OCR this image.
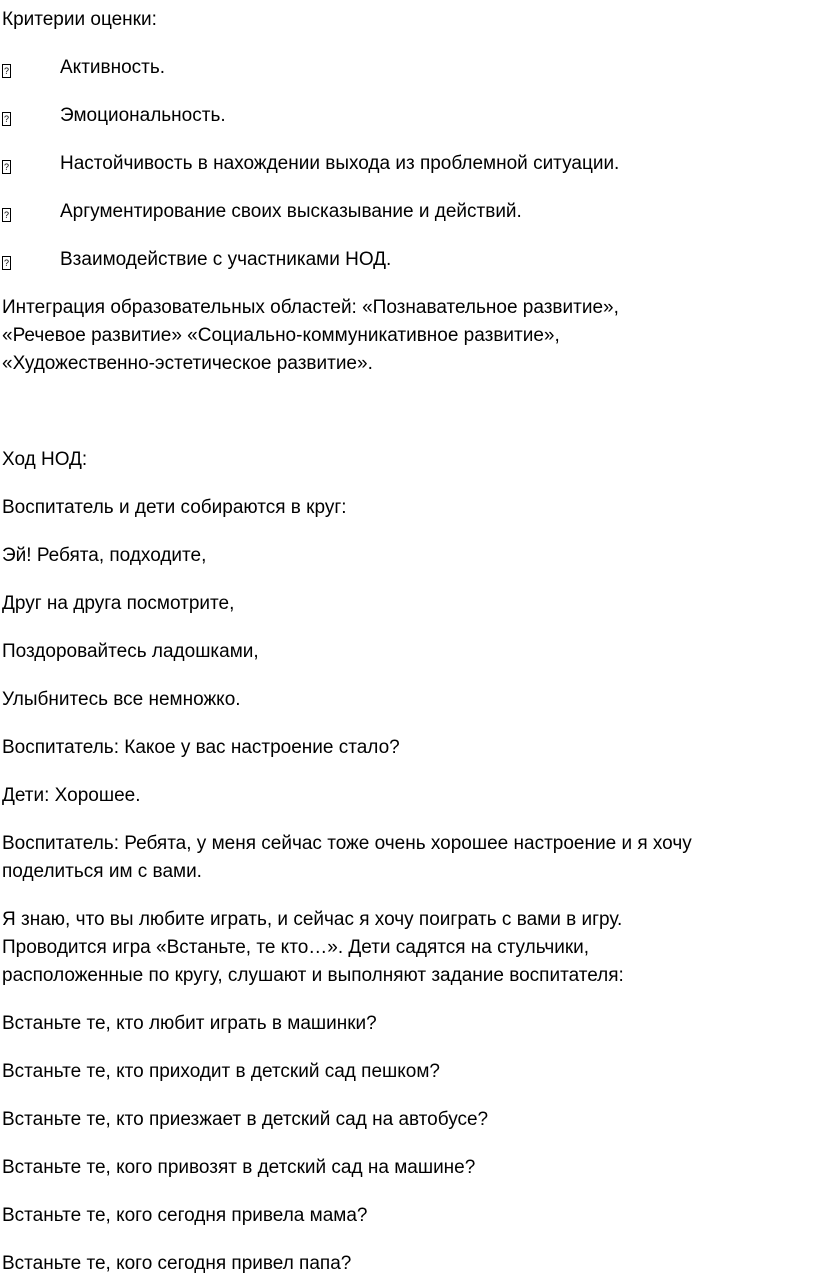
Критерии оценки:

?	Активность.
?	Эмоциональность.
?	Настойчивость в нахождении выхода из проблемной ситуации.
?	Аргументирование своих высказывание и действий.
?	Взаимодействие с участниками НОД.

Интеграция образовательных областей: «Познавательное развитие»,

«Речевое развитие» «Социально-коммуникативное развитие»,

«Художественно-эстетическое развитие».

Ход НОД:

Воспитатель и дети собираются в круг:

Эй! Ребята, подходите,

Друг на друга посмотрите,

Поздоровайтесь ладошками,

Улыбнитесь все немножко.

Воспитатель: Какое у вас настроение стало?

Дети: Хорошее.

Воспитатель: Ребята, у меня сейчас тоже очень хорошее настроение и я хочу

поделиться им с вами.

Я знаю, что вы любите играть, и сейчас я хочу поиграть с вами в игру.

Проводится игра «Встаньте, те кто…». Дети садятся на стульчики,

расположенные по кругу, слушают и выполняют задание воспитателя:

Встаньте те, кто любит играть в машинки?

Встаньте те, кто приходит в детский сад пешком?

Встаньте те, кто приезжает в детский сад на автобусе?

Встаньте те, кого привозят в детский сад на машине?

Встаньте те, кого сегодня привела мама?

Встаньте те, кого сегодня привел папа?
